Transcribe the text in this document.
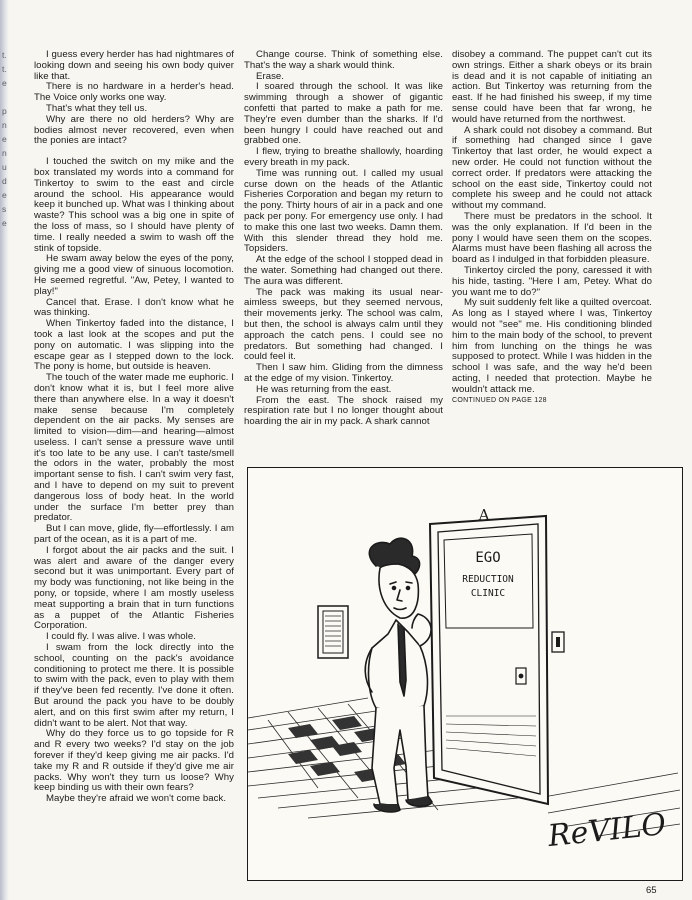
t.
t.
e

p
n
e
n
u
d
e
s
e

I guess every herder has had nightmares of looking down and seeing his own body quiver like that.

There is no hardware in a herder's head. The Voice only works one way.

That's what they tell us.

Why are there no old herders? Why are bodies almost never recovered, even when the ponies are intact?

I touched the switch on my mike and the box translated my words into a command for Tinkertoy to swim to the east and circle around the school. His appearance would keep it bunched up. What was I thinking about waste? This school was a big one in spite of the loss of mass, so I should have plenty of time. I really needed a swim to wash off the stink of topside.

He swam away below the eyes of the pony, giving me a good view of sinuous locomotion. He seemed regretful. "Aw, Petey, I wanted to play!"

Cancel that. Erase. I don't know what he was thinking.

When Tinkertoy faded into the distance, I took a last look at the scopes and put the pony on automatic. I was slipping into the escape gear as I stepped down to the lock. The pony is home, but outside is heaven.

The touch of the water made me euphoric. I don't know what it is, but I feel more alive there than anywhere else. In a way it doesn't make sense because I'm completely dependent on the air packs. My senses are limited to vision—dim—and hearing—almost useless. I can't sense a pressure wave until it's too late to be any use. I can't taste/smell the odors in the water, probably the most important sense to fish. I can't swim very fast, and I have to depend on my suit to prevent dangerous loss of body heat. In the world under the surface I'm better prey than predator.

But I can move, glide, fly—effortlessly. I am part of the ocean, as it is a part of me.

I forgot about the air packs and the suit. I was alert and aware of the danger every second but it was unimportant. Every part of my body was functioning, not like being in the pony, or topside, where I am mostly useless meat supporting a brain that in turn functions as a puppet of the Atlantic Fisheries Corporation.

I could fly. I was alive. I was whole.

I swam from the lock directly into the school, counting on the pack's avoidance conditioning to protect me there. It is possible to swim with the pack, even to play with them if they've been fed recently. I've done it often. But around the pack you have to be doubly alert, and on this first swim after my return, I didn't want to be alert. Not that way.

Why do they force us to go topside for R and R every two weeks? I'd stay on the job forever if they'd keep giving me air packs. I'd take my R and R outside if they'd give me air packs. Why won't they turn us loose? Why keep binding us with their own fears?

Maybe they're afraid we won't come back.

Change course. Think of something else. That's the way a shark would think.

Erase.

I soared through the school. It was like swimming through a shower of gigantic confetti that parted to make a path for me. They're even dumber than the sharks. If I'd been hungry I could have reached out and grabbed one.

I flew, trying to breathe shallowly, hoarding every breath in my pack.

Time was running out. I called my usual curse down on the heads of the Atlantic Fisheries Corporation and began my return to the pony. Thirty hours of air in a pack and one pack per pony. For emergency use only. I had to make this one last two weeks. Damn them. With this slender thread they hold me. Topsiders.

At the edge of the school I stopped dead in the water. Something had changed out there. The aura was different.

The pack was making its usual near-aimless sweeps, but they seemed nervous, their movements jerky. The school was calm, but then, the school is always calm until they approach the catch pens. I could see no predators. But something had changed. I could feel it.

Then I saw him. Gliding from the dimness at the edge of my vision. Tinkertoy.

He was returning from the east.

From the east. The shock raised my respiration rate but I no longer thought about hoarding the air in my pack. A shark cannot

disobey a command. The puppet can't cut its own strings. Either a shark obeys or its brain is dead and it is not capable of initiating an action. But Tinkertoy was returning from the east. If he had finished his sweep, if my time sense could have been that far wrong, he would have returned from the northwest.

A shark could not disobey a command. But if something had changed since I gave Tinkertoy that last order, he would expect a new order. He could not function without the correct order. If predators were attacking the school on the east side, Tinkertoy could not complete his sweep and he could not attack without my command.

There must be predators in the school. It was the only explanation. If I'd been in the pony I would have seen them on the scopes. Alarms must have been flashing all across the board as I indulged in that forbidden pleasure.

Tinkertoy circled the pony, caressed it with his hide, tasting. "Here I am, Petey. What do you want me to do?"

My suit suddenly felt like a quilted overcoat. As long as I stayed where I was, Tinkertoy would not "see" me. His conditioning blinded him to the main body of the school, to prevent him from lunching on the things he was supposed to protect. While I was hidden in the school I was safe, and the way he'd been acting, I needed that protection. Maybe he wouldn't attack me.

CONTINUED ON PAGE 128

A
EGO
REDUCTION
CLINIC
ReVILO
65
